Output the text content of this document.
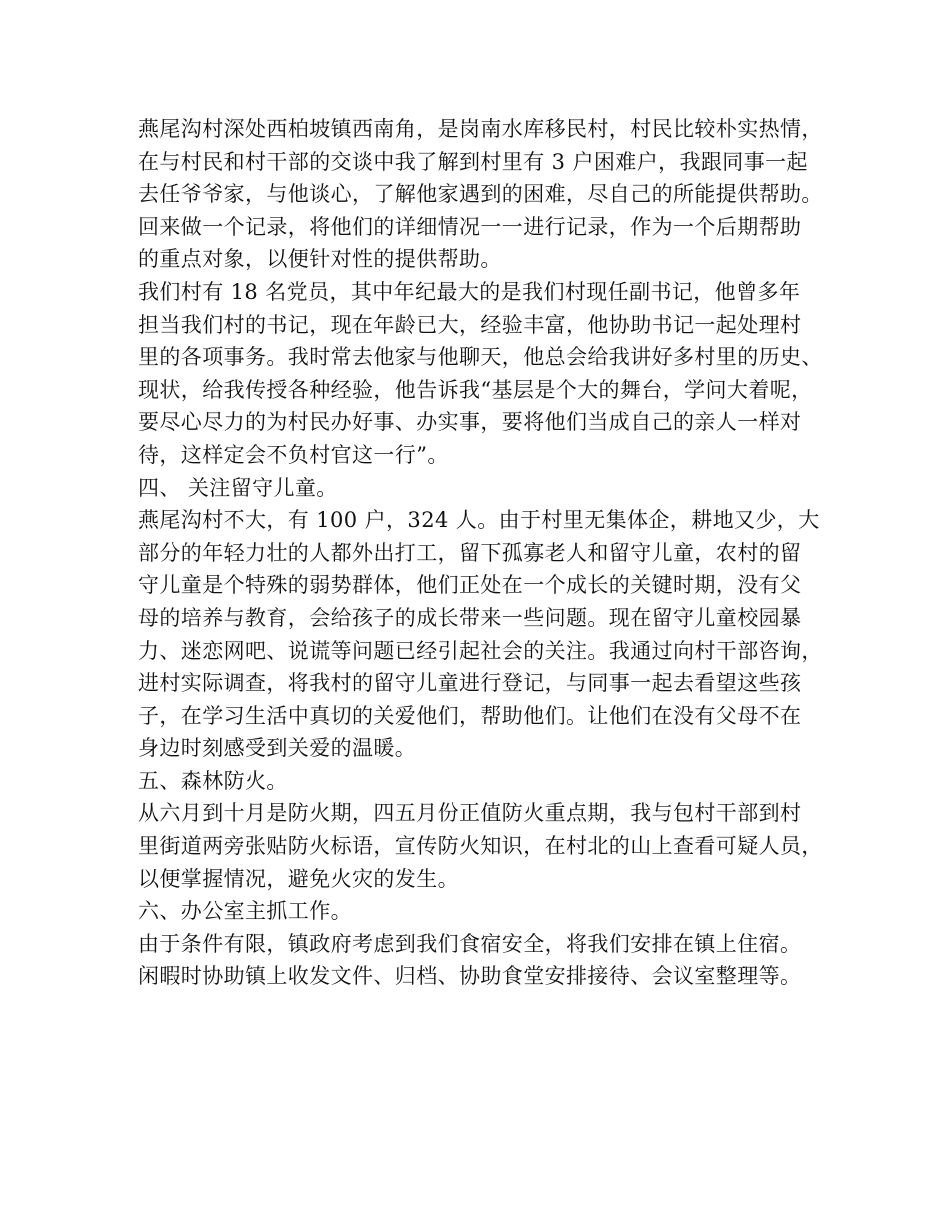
燕尾沟村深处西柏坡镇西南角，是岗南水库移民村，村民比较朴实热情，
在与村民和村干部的交谈中我了解到村里有 3 户困难户，我跟同事一起
去任爷爷家，与他谈心，了解他家遇到的困难，尽自己的所能提供帮助。
回来做一个记录，将他们的详细情况一一进行记录，作为一个后期帮助
的重点对象，以便针对性的提供帮助。
我们村有 18 名党员，其中年纪最大的是我们村现任副书记，他曾多年
担当我们村的书记，现在年龄已大，经验丰富，他协助书记一起处理村
里的各项事务。我时常去他家与他聊天，他总会给我讲好多村里的历史、
现状，给我传授各种经验，他告诉我“基层是个大的舞台，学问大着呢，
要尽心尽力的为村民办好事、办实事，要将他们当成自己的亲人一样对
待，这样定会不负村官这一行”。
四、 关注留守儿童。
燕尾沟村不大，有 100 户，324 人。由于村里无集体企，耕地又少，大
部分的年轻力壮的人都外出打工，留下孤寡老人和留守儿童，农村的留
守儿童是个特殊的弱势群体，他们正处在一个成长的关键时期，没有父
母的培养与教育，会给孩子的成长带来一些问题。现在留守儿童校园暴
力、迷恋网吧、说谎等问题已经引起社会的关注。我通过向村干部咨询，
进村实际调查，将我村的留守儿童进行登记，与同事一起去看望这些孩
子，在学习生活中真切的关爱他们，帮助他们。让他们在没有父母不在
身边时刻感受到关爱的温暖。
五、森林防火。
从六月到十月是防火期，四五月份正值防火重点期，我与包村干部到村
里街道两旁张贴防火标语，宣传防火知识，在村北的山上查看可疑人员，
以便掌握情况，避免火灾的发生。
六、办公室主抓工作。
由于条件有限，镇政府考虑到我们食宿安全，将我们安排在镇上住宿。
闲暇时协助镇上收发文件、归档、协助食堂安排接待、会议室整理等。
